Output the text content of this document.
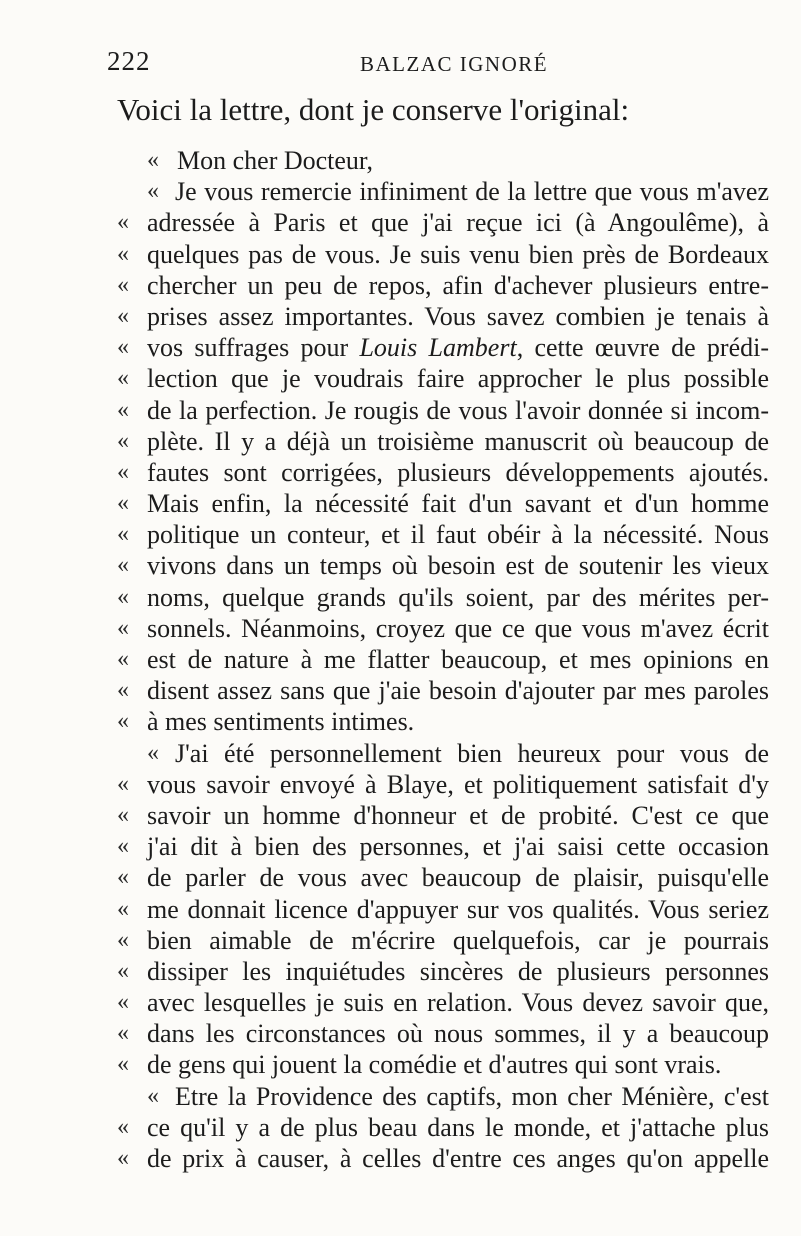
222	BALZAC IGNORÉ
Voici la lettre, dont je conserve l'original:
« Mon cher Docteur,
« Je vous remercie infiniment de la lettre que vous m'avez
« adressée à Paris et que j'ai reçue ici (à Angoulême), à
« quelques pas de vous. Je suis venu bien près de Bordeaux
« chercher un peu de repos, afin d'achever plusieurs entre-
« prises assez importantes. Vous savez combien je tenais à
« vos suffrages pour Louis Lambert, cette œuvre de prédi-
« lection que je voudrais faire approcher le plus possible
« de la perfection. Je rougis de vous l'avoir donnée si incom-
« plète. Il y a déjà un troisième manuscrit où beaucoup de
« fautes sont corrigées, plusieurs développements ajoutés.
« Mais enfin, la nécessité fait d'un savant et d'un homme
« politique un conteur, et il faut obéir à la nécessité. Nous
« vivons dans un temps où besoin est de soutenir les vieux
« noms, quelque grands qu'ils soient, par des mérites per-
« sonnels. Néanmoins, croyez que ce que vous m'avez écrit
« est de nature à me flatter beaucoup, et mes opinions en
« disent assez sans que j'aie besoin d'ajouter par mes paroles
« à mes sentiments intimes.
« J'ai été personnellement bien heureux pour vous de
« vous savoir envoyé à Blaye, et politiquement satisfait d'y
« savoir un homme d'honneur et de probité. C'est ce que
« j'ai dit à bien des personnes, et j'ai saisi cette occasion
« de parler de vous avec beaucoup de plaisir, puisqu'elle
« me donnait licence d'appuyer sur vos qualités. Vous seriez
« bien aimable de m'écrire quelquefois, car je pourrais
« dissiper les inquiétudes sincères de plusieurs personnes
« avec lesquelles je suis en relation. Vous devez savoir que,
« dans les circonstances où nous sommes, il y a beaucoup
« de gens qui jouent la comédie et d'autres qui sont vrais.
« Etre la Providence des captifs, mon cher Ménière, c'est
« ce qu'il y a de plus beau dans le monde, et j'attache plus
« de prix à causer, à celles d'entre ces anges qu'on appelle
